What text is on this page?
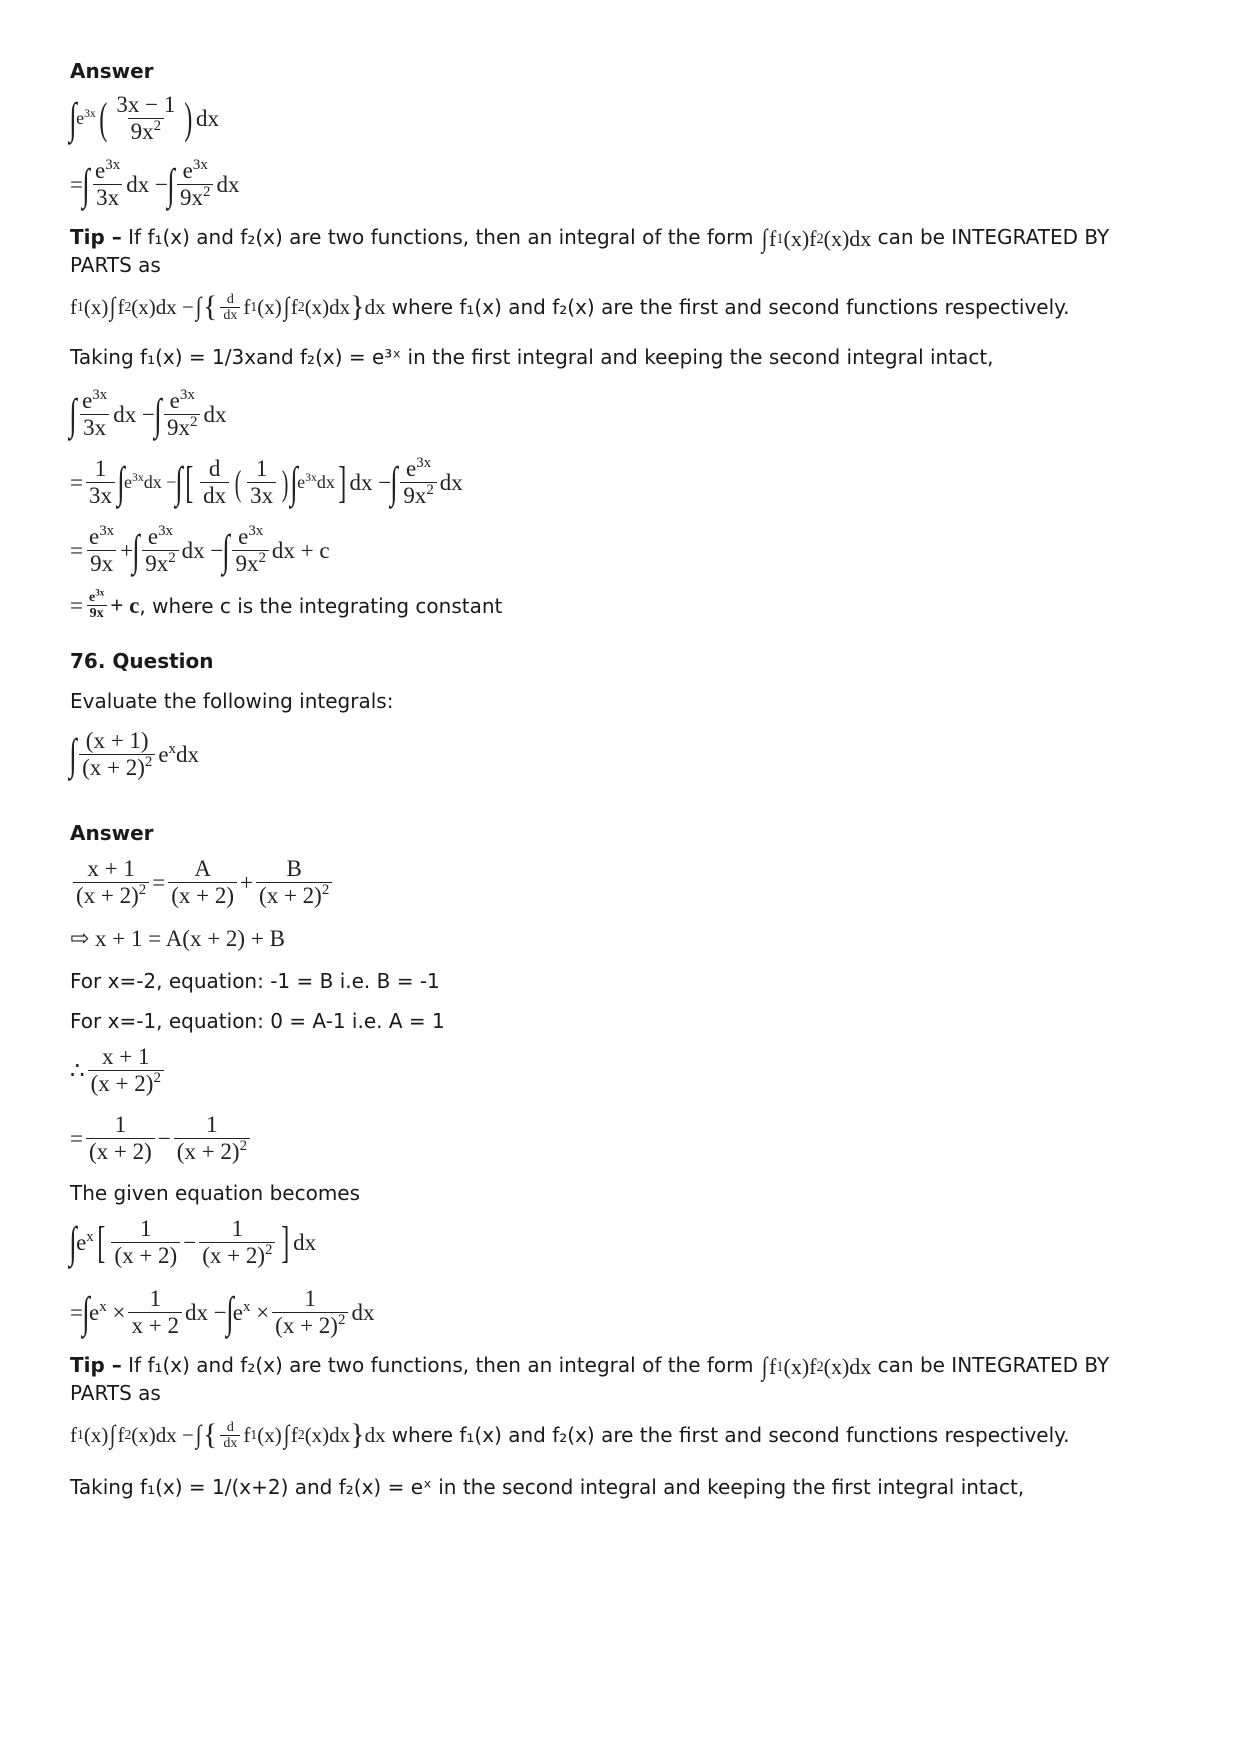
Answer
∫ $e^{3x}$ ( $\frac{3x - 1}{9x^2}$ ) dx
= ∫ $\frac{e^{3x}}{3x}$ dx − ∫ $\frac{e^{3x}}{9x^2}$ dx
Tip – If f₁(x) and f₂(x) are two functions, then an integral of the form ∫ f 1 (x)f 2 (x)dx can be INTEGRATED BY
PARTS as
f 1 (x) ∫ f 2 (x)dx − ∫ { $\frac{d}{dx}$ f 1 (x) ∫ f 2 (x)dx } dx where f₁(x) and f₂(x) are the first and second functions respectively.
Taking f₁(x) = 1/3xand f₂(x) = e³ˣ in the first integral and keeping the second integral intact,
∫ $\frac{e^{3x}}{3x}$ dx − ∫ $\frac{e^{3x}}{9x^2}$ dx
= $\frac{1}{3x}$ ∫ $e^{3x}dx$ − ∫ [ $\frac{d}{dx}$ ( $\frac{1}{3x}$ ) ∫ $e^{3x}dx$ ] dx − ∫ $\frac{e^{3x}}{9x^2}$ dx
= $\frac{e^{3x}}{9x}$ + ∫ $\frac{e^{3x}}{9x^2}$ dx − ∫ $\frac{e^{3x}}{9x^2}$ dx + c
= $\frac{e^{3x}}{9x} + c$ , where c is the integrating constant
76. Question
Evaluate the following integrals:
∫ $\frac{(x + 1)}{(x + 2)^2} e^xdx$
Answer
$\frac{x + 1}{(x + 2)^2} = \frac{A}{(x + 2)} + \frac{B}{(x + 2)^2}$
⇨ x + 1 = A(x + 2) + B
For x=-2, equation: -1 = B i.e. B = -1
For x=-1, equation: 0 = A-1 i.e. A = 1
∴ $\frac{x + 1}{(x + 2)^2}$
= $\frac{1}{(x + 2)} - \frac{1}{(x + 2)^2}$
The given equation becomes
∫ $e^x$ [ $\frac{1}{(x + 2)} - \frac{1}{(x + 2)^2}$ ] dx
= ∫ $e^x \times \frac{1}{x + 2}$ dx − ∫ $e^x \times \frac{1}{(x + 2)^2}$ dx
Tip – If f₁(x) and f₂(x) are two functions, then an integral of the form ∫ f 1 (x)f 2 (x)dx can be INTEGRATED BY
PARTS as
f 1 (x) ∫ f 2 (x)dx − ∫ { $\frac{d}{dx}$ f 1 (x) ∫ f 2 (x)dx } dx where f₁(x) and f₂(x) are the first and second functions respectively.
Taking f₁(x) = 1/(x+2) and f₂(x) = eˣ in the second integral and keeping the first integral intact,
